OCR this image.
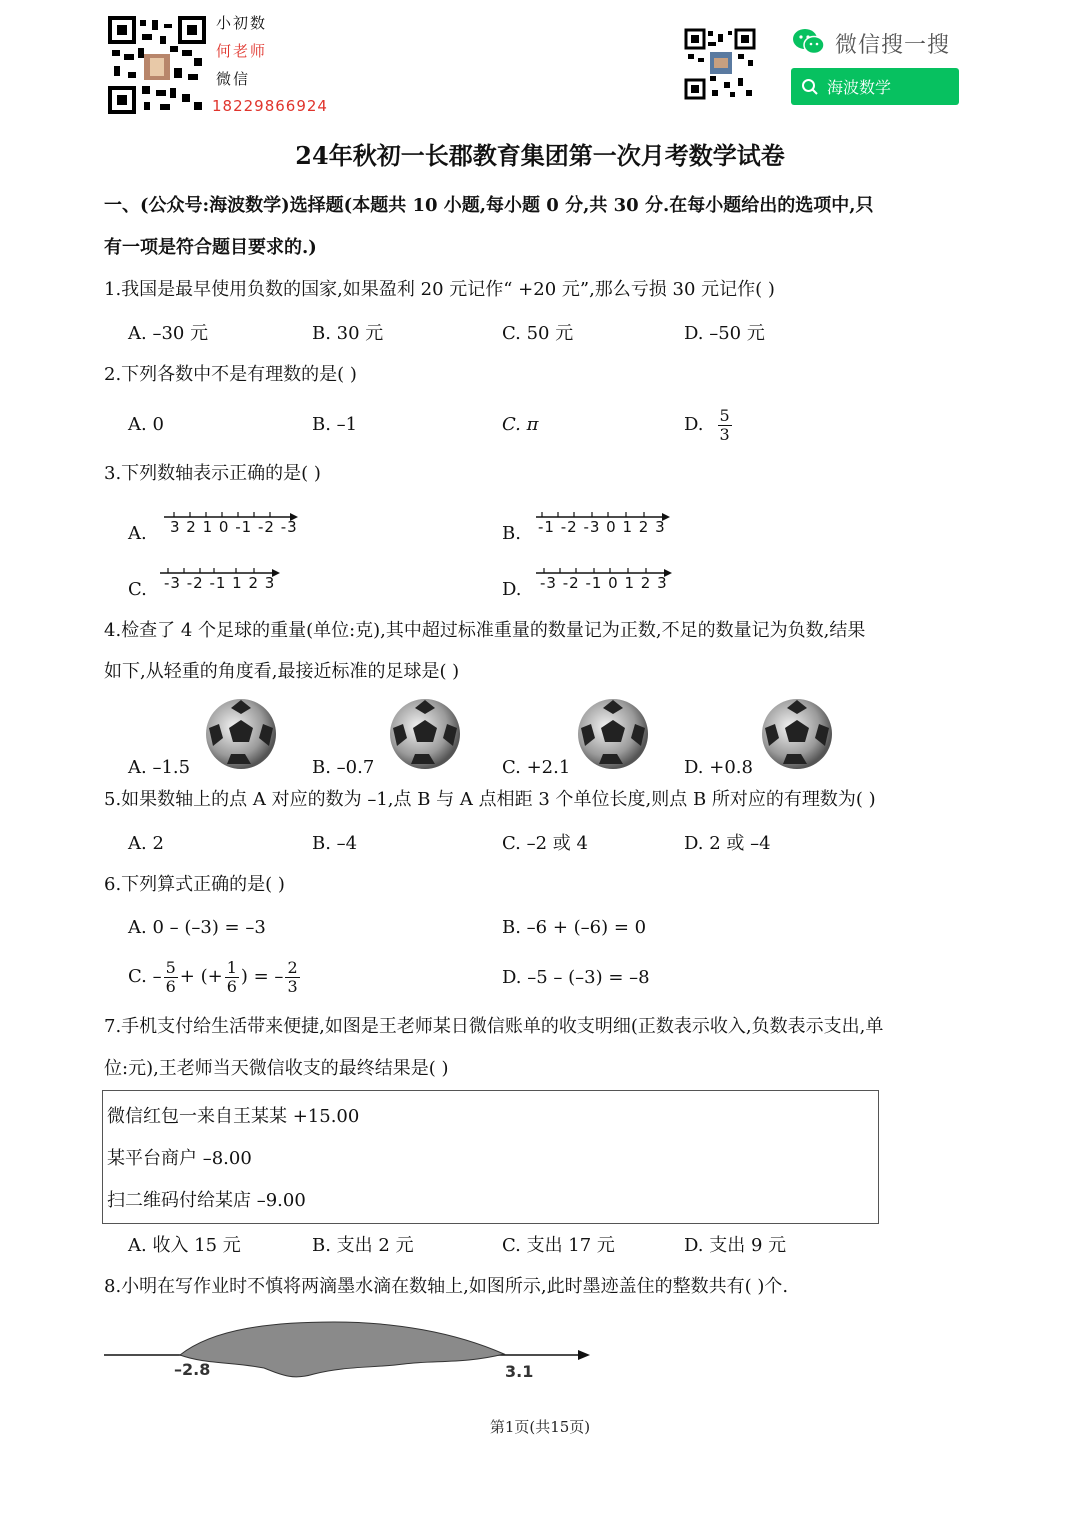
小初数
何老师
微信
18229866924
微信搜一搜
海波数学
24年秋初一长郡教育集团第一次月考数学试卷
一、(公众号:海波数学)选择题(本题共 10 小题,每小题 0 分,共 30 分.在每小题给出的选项中,只
有一项是符合题目要求的.)
1.我国是最早使用负数的国家,如果盈利 20 元记作“ +20 元”,那么亏损 30 元记作( )
A. –30 元	B. 30 元	C. 50 元	D. –50 元
2.下列各数中不是有理数的是( )
A. 0	B. –1	C. π	D. $\frac{5}{3}$
3.下列数轴表示正确的是( )
A. 3 2 1 0 -1 -2 -3	B. -1 -2 -3 0 1 2 3
C. -3 -2 -1 1 2 3	D. -3 -2 -1 0 1 2 3
4.检查了 4 个足球的重量(单位:克),其中超过标准重量的数量记为正数,不足的数量记为负数,结果
如下,从轻重的角度看,最接近标准的足球是( )
A. –1.5	B. –0.7	C. +2.1	D. +0.8
5.如果数轴上的点 A 对应的数为 –1,点 B 与 A 点相距 3 个单位长度,则点 B 所对应的有理数为( )
A. 2	B. –4	C. –2 或 4	D. 2 或 –4
6.下列算式正确的是( )
A. 0 – (–3) = –3	B. –6 + (–6) = 0
C. – $\frac{5}{6}$ + (+ $\frac{1}{6}$ ) = – $\frac{2}{3}$	D. –5 – (–3) = –8
7.手机支付给生活带来便捷,如图是王老师某日微信账单的收支明细(正数表示收入,负数表示支出,单
位:元),王老师当天微信收支的最终结果是( )
微信红包一来自王某某 +15.00
某平台商户 –8.00
扫二维码付给某店 –9.00
A. 收入 15 元	B. 支出 2 元	C. 支出 17 元	D. 支出 9 元
8.小明在写作业时不慎将两滴墨水滴在数轴上,如图所示,此时墨迹盖住的整数共有( )个.
–2.8	3.1
第1页(共15页)
